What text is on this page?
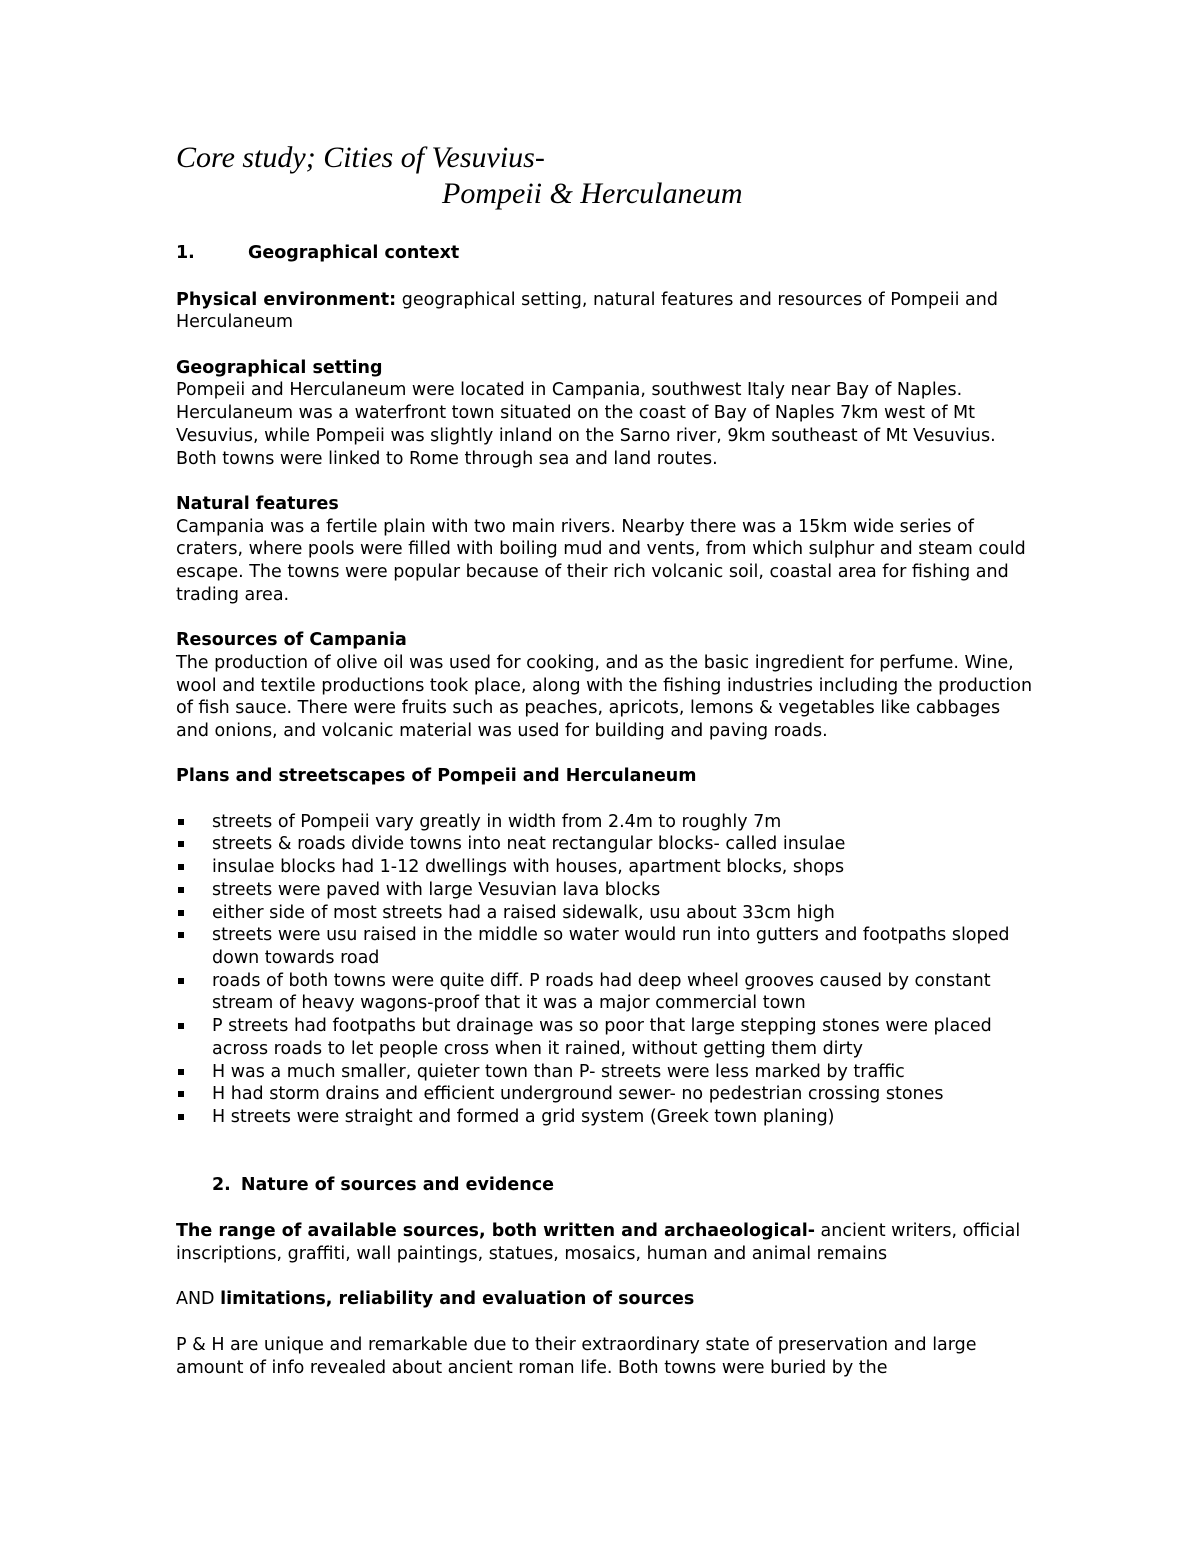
Core study; Cities of Vesuvius-
Pompeii & Herculaneum
1.	Geographical context

Physical environment: geographical setting, natural features and resources of Pompeii and Herculaneum

Geographical setting

Pompeii and Herculaneum were located in Campania, southwest Italy near Bay of Naples. Herculaneum was a waterfront town situated on the coast of Bay of Naples 7km west of Mt Vesuvius, while Pompeii was slightly inland on the Sarno river, 9km southeast of Mt Vesuvius. Both towns were linked to Rome through sea and land routes.

Natural features

Campania was a fertile plain with two main rivers. Nearby there was a 15km wide series of craters, where pools were filled with boiling mud and vents, from which sulphur and steam could escape. The towns were popular because of their rich volcanic soil, coastal area for fishing and trading area.

Resources of Campania

The production of olive oil was used for cooking, and as the basic ingredient for perfume. Wine, wool and textile productions took place, along with the fishing industries including the production of fish sauce. There were fruits such as peaches, apricots, lemons & vegetables like cabbages and onions, and volcanic material was used for building and paving roads.

Plans and streetscapes of Pompeii and Herculaneum

streets of Pompeii vary greatly in width from 2.4m to roughly 7m
streets & roads divide towns into neat rectangular blocks- called insulae
insulae blocks had 1-12 dwellings with houses, apartment blocks, shops
streets were paved with large Vesuvian lava blocks
either side of most streets had a raised sidewalk, usu about 33cm high
streets were usu raised in the middle so water would run into gutters and footpaths sloped down towards road
roads of both towns were quite diff. P roads had deep wheel grooves caused by constant stream of heavy wagons-proof that it was a major commercial town
P streets had footpaths but drainage was so poor that large stepping stones were placed across roads to let people cross when it rained, without getting them dirty
H was a much smaller, quieter town than P- streets were less marked by traffic
H had storm drains and efficient underground sewer- no pedestrian crossing stones
H streets were straight and formed a grid system (Greek town planing)
2. Nature of sources and evidence

The range of available sources, both written and archaeological- ancient writers, official inscriptions, graffiti, wall paintings, statues, mosaics, human and animal remains

AND limitations, reliability and evaluation of sources

P & H are unique and remarkable due to their extraordinary state of preservation and large amount of info revealed about ancient roman life. Both towns were buried by the
